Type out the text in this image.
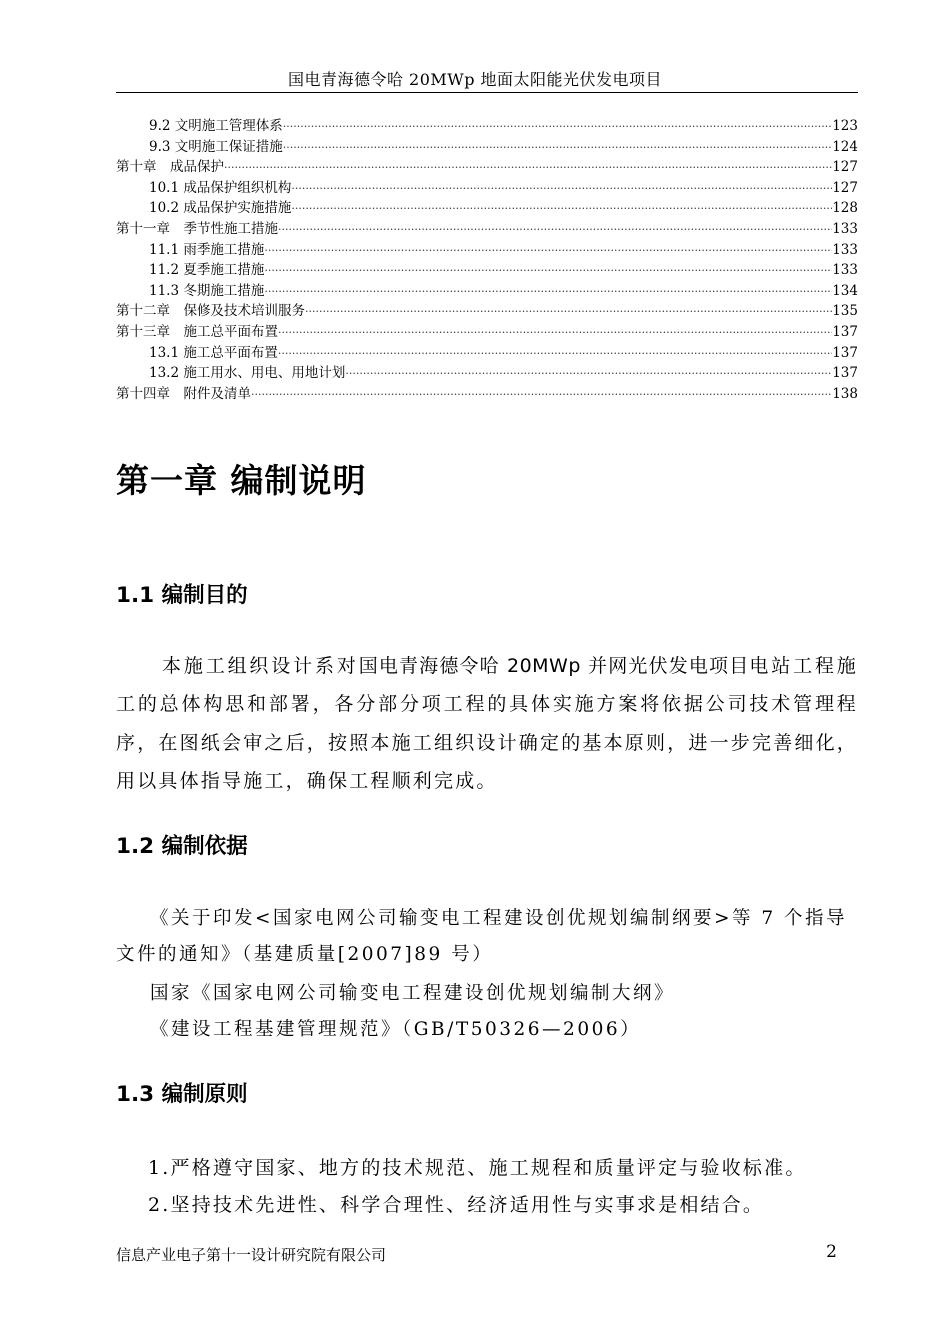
国电青海德令哈 20MWp 地面太阳能光伏发电项目
9.2 文明施工管理体系 ·····	123
9.3 文明施工保证措施 ·····	124
第十章　成品保护 ·····	127
10.1 成品保护组织机构 ·····	127
10.2 成品保护实施措施 ·····	128
第十一章　季节性施工措施 ·····	133
11.1 雨季施工措施 ·····	133
11.2 夏季施工措施 ·····	133
11.3 冬期施工措施 ·····	134
第十二章　保修及技术培训服务 ·····	135
第十三章　施工总平面布置 ·····	137
13.1 施工总平面布置 ·····	137
13.2 施工用水、用电、用地计划 ·····	137
第十四章　附件及清单 ·····	138
第一章 编制说明
1.1 编制目的

本施工组织设计系对国电青海德令哈 20MWp 并网光伏发电项目电站工程施工的总体构思和部署，各分部分项工程的具体实施方案将依据公司技术管理程序，在图纸会审之后，按照本施工组织设计确定的基本原则，进一步完善细化，用以具体指导施工，确保工程顺利完成。

1.2 编制依据

《关于印发<国家电网公司输变电工程建设创优规划编制纲要>等 7 个指导文件的通知》（基建质量[2007]89 号）

国家《国家电网公司输变电工程建设创优规划编制大纲》

《建设工程基建管理规范》（GB/T50326—2006）

1.3 编制原则

1.严格遵守国家、地方的技术规范、施工规程和质量评定与验收标准。

2.坚持技术先进性、科学合理性、经济适用性与实事求是相结合。

信息产业电子第十一设计研究院有限公司	2
